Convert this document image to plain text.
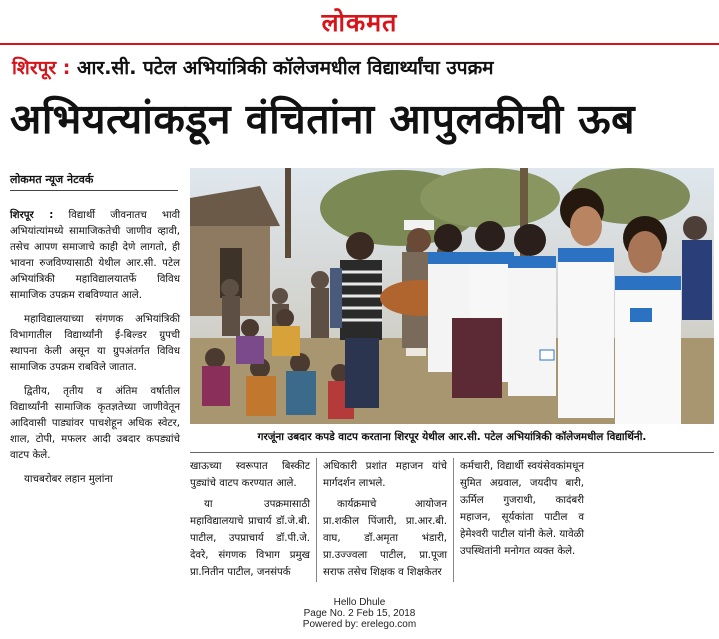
लोकमत
शिरपूर : आर.सी. पटेल अभियांत्रिकी कॉलेजमधील विद्यार्थ्यांचा उपक्रम
अभियत्यांकडून वंचितांना आपुलकीची ऊब
लोकमत न्यूज नेटवर्क

शिरपूर : विद्यार्थी जीवनातच भावी अभियांत्यांमध्ये सामाजिकतेची जाणीव व्हावी, तसेच आपण समाजाचे काही देणे लागतो, ही भावना रुजविण्यासाठी येथील आर.सी. पटेल अभियांत्रिकी महाविद्यालयातर्फे विविध सामाजिक उपक्रम राबविण्यात आले.

महाविद्यालयाच्या संगणक अभियांत्रिकी विभागातील विद्यार्थ्यांनी ई-बिल्डर ग्रुपची स्थापना केली असून या ग्रुपअंतर्गत विविध सामाजिक उपक्रम राबविले जातात.

द्वितीय, तृतीय व अंतिम वर्षातील विद्यार्थ्यांनी सामाजिक कृतज्ञतेच्या जाणीवेतून आदिवासी पाड्यांवर पाचशेहून अधिक स्वेटर, शाल, टोपी, मफलर आदी उबदार कपड्यांचे वाटप केले.

याचबरोबर लहान मुलांना

गरजूंना उबदार कपडे वाटप करताना शिरपूर येथील आर.सी. पटेल अभियांत्रिकी कॉलेजमधील विद्यार्थिनी.

खाऊच्या स्वरूपात बिस्कीट पुड्यांचे वाटप करण्यात आले.

या उपक्रमासाठी महाविद्यालयाचे प्राचार्य डॉ.जे.बी. पाटील, उपप्राचार्य डॉ.पी.जे. देवरे, संगणक विभाग प्रमुख प्रा.नितीन पाटील, जनसंपर्क

अधिकारी प्रशांत महाजन यांचे मार्गदर्शन लाभले.

कार्यक्रमाचे आयोजन प्रा.शकील पिंजारी, प्रा.आर.बी. वाघ, डॉ.अमृता भंडारी, प्रा.उज्ज्वला पाटील, प्रा.पूजा सराफ तसेच शिक्षक व शिक्षकेतर

कर्मचारी, विद्यार्थी स्वयंसेवकांमधून सुमित अग्रवाल, जयदीप बारी, ऊर्मिल गुजराथी, कादंबरी महाजन, सूर्यकांता पाटील व हेमेश्वरी पाटील यांनी केले. यावेळी उपस्थितांनी मनोगत व्यक्त केले.

Hello Dhule
Page No. 2 Feb 15, 2018
Powered by: erelego.com
